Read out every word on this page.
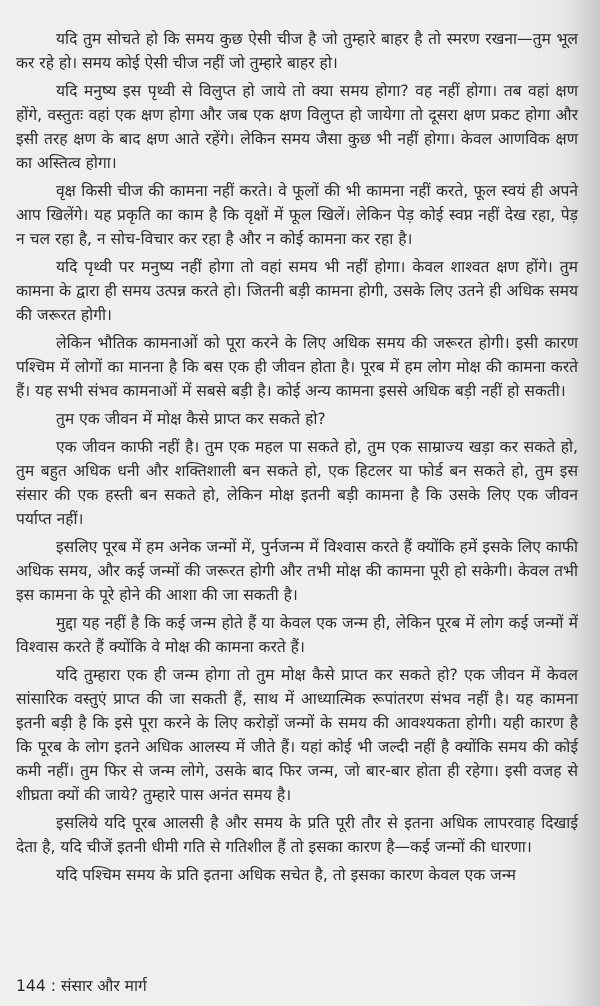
यदि तुम सोचते हो कि समय कुछ ऐसी चीज है जो तुम्हारे बाहर है तो स्मरण रखना—तुम भूल कर रहे हो। समय कोई ऐसी चीज नहीं जो तुम्हारे बाहर हो।

यदि मनुष्य इस पृथ्वी से विलुप्त हो जाये तो क्या समय होगा? वह नहीं होगा। तब वहां क्षण होंगे, वस्तुतः वहां एक क्षण होगा और जब एक क्षण विलुप्त हो जायेगा तो दूसरा क्षण प्रकट होगा और इसी तरह क्षण के बाद क्षण आते रहेंगे। लेकिन समय जैसा कुछ भी नहीं होगा। केवल आणविक क्षण का अस्तित्व होगा।

वृक्ष किसी चीज की कामना नहीं करते। वे फूलों की भी कामना नहीं करते, फूल स्वयं ही अपने आप खिलेंगे। यह प्रकृति का काम है कि वृक्षों में फूल खिलें। लेकिन पेड़ कोई स्वप्न नहीं देख रहा, पेड़ न चल रहा है, न सोच-विचार कर रहा है और न कोई कामना कर रहा है।

यदि पृथ्वी पर मनुष्य नहीं होगा तो वहां समय भी नहीं होगा। केवल शाश्वत क्षण होंगे। तुम कामना के द्वारा ही समय उत्पन्न करते हो। जितनी बड़ी कामना होगी, उसके लिए उतने ही अधिक समय की जरूरत होगी।

लेकिन भौतिक कामनाओं को पूरा करने के लिए अधिक समय की जरूरत होगी। इसी कारण पश्चिम में लोगों का मानना है कि बस एक ही जीवन होता है। पूरब में हम लोग मोक्ष की कामना करते हैं। यह सभी संभव कामनाओं में सबसे बड़ी है। कोई अन्य कामना इससे अधिक बड़ी नहीं हो सकती।

तुम एक जीवन में मोक्ष कैसे प्राप्त कर सकते हो?

एक जीवन काफी नहीं है। तुम एक महल पा सकते हो, तुम एक साम्राज्य खड़ा कर सकते हो, तुम बहुत अधिक धनी और शक्तिशाली बन सकते हो, एक हिटलर या फोर्ड बन सकते हो, तुम इस संसार की एक हस्ती बन सकते हो, लेकिन मोक्ष इतनी बड़ी कामना है कि उसके लिए एक जीवन पर्याप्त नहीं।

इसलिए पूरब में हम अनेक जन्मों में, पुर्नजन्म में विश्वास करते हैं क्योंकि हमें इसके लिए काफी अधिक समय, और कई जन्मों की जरूरत होगी और तभी मोक्ष की कामना पूरी हो सकेगी। केवल तभी इस कामना के पूरे होने की आशा की जा सकती है।

मुद्दा यह नहीं है कि कई जन्म होते हैं या केवल एक जन्म ही, लेकिन पूरब में लोग कई जन्मों में विश्वास करते हैं क्योंकि वे मोक्ष की कामना करते हैं।

यदि तुम्हारा एक ही जन्म होगा तो तुम मोक्ष कैसे प्राप्त कर सकते हो? एक जीवन में केवल सांसारिक वस्तुएं प्राप्त की जा सकती हैं, साथ में आध्यात्मिक रूपांतरण संभव नहीं है। यह कामना इतनी बड़ी है कि इसे पूरा करने के लिए करोड़ों जन्मों के समय की आवश्यकता होगी। यही कारण है कि पूरब के लोग इतने अधिक आलस्य में जीते हैं। यहां कोई भी जल्दी नहीं है क्योंकि समय की कोई कमी नहीं। तुम फिर से जन्म लोगे, उसके बाद फिर जन्म, जो बार-बार होता ही रहेगा। इसी वजह से शीघ्रता क्यों की जाये? तुम्हारे पास अनंत समय है।

इसलिये यदि पूरब आलसी है और समय के प्रति पूरी तौर से इतना अधिक लापरवाह दिखाई देता है, यदि चीजें इतनी धीमी गति से गतिशील हैं तो इसका कारण है—कई जन्मों की धारणा।

यदि पश्चिम समय के प्रति इतना अधिक सचेत है, तो इसका कारण केवल एक जन्म

144 : संसार और मार्ग
